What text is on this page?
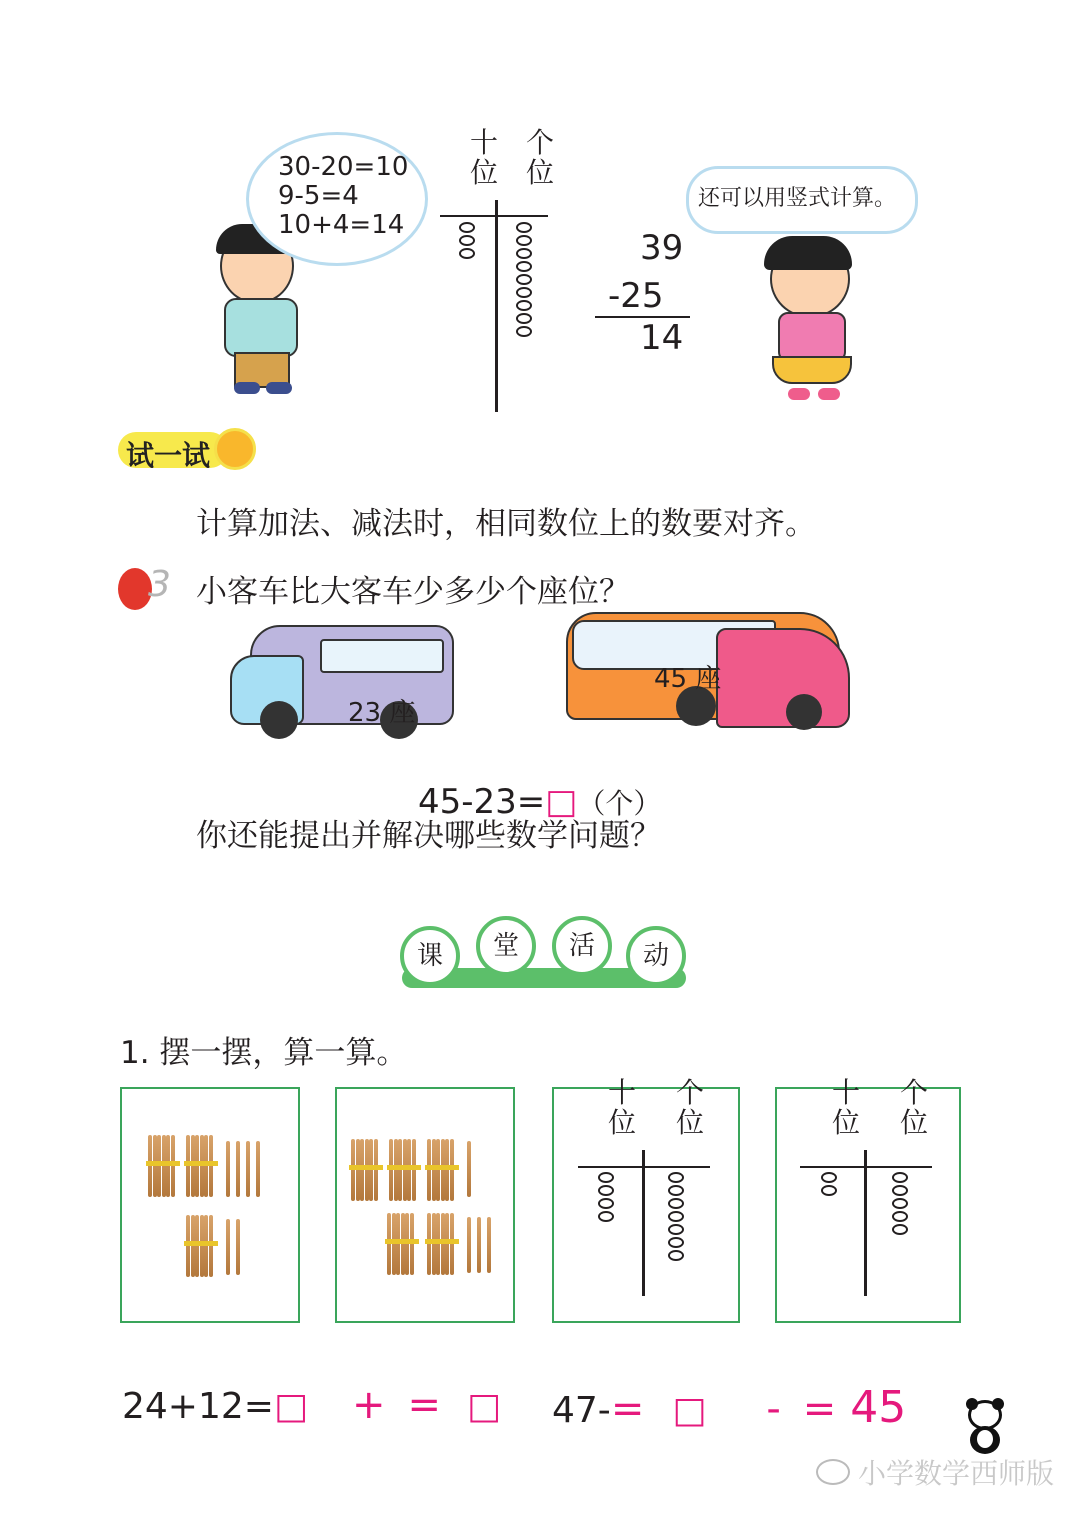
30-20=10
9-5=4
10+4=14
十
位
个
位
39
-25
14
还可以用竖式计算。
试一试
计算加法、减法时，相同数位上的数要对齐。
3 小客车比大客车少多少个座位？
23 座
45 座
45-23=□（个）
你还能提出并解决哪些数学问题？
课	堂	活	动
1. 摆一摆，算一算。
十
位
个
位
十
位
个
位
24+12=□ + = □ 47-= □ - = 45
小学数学西师版
